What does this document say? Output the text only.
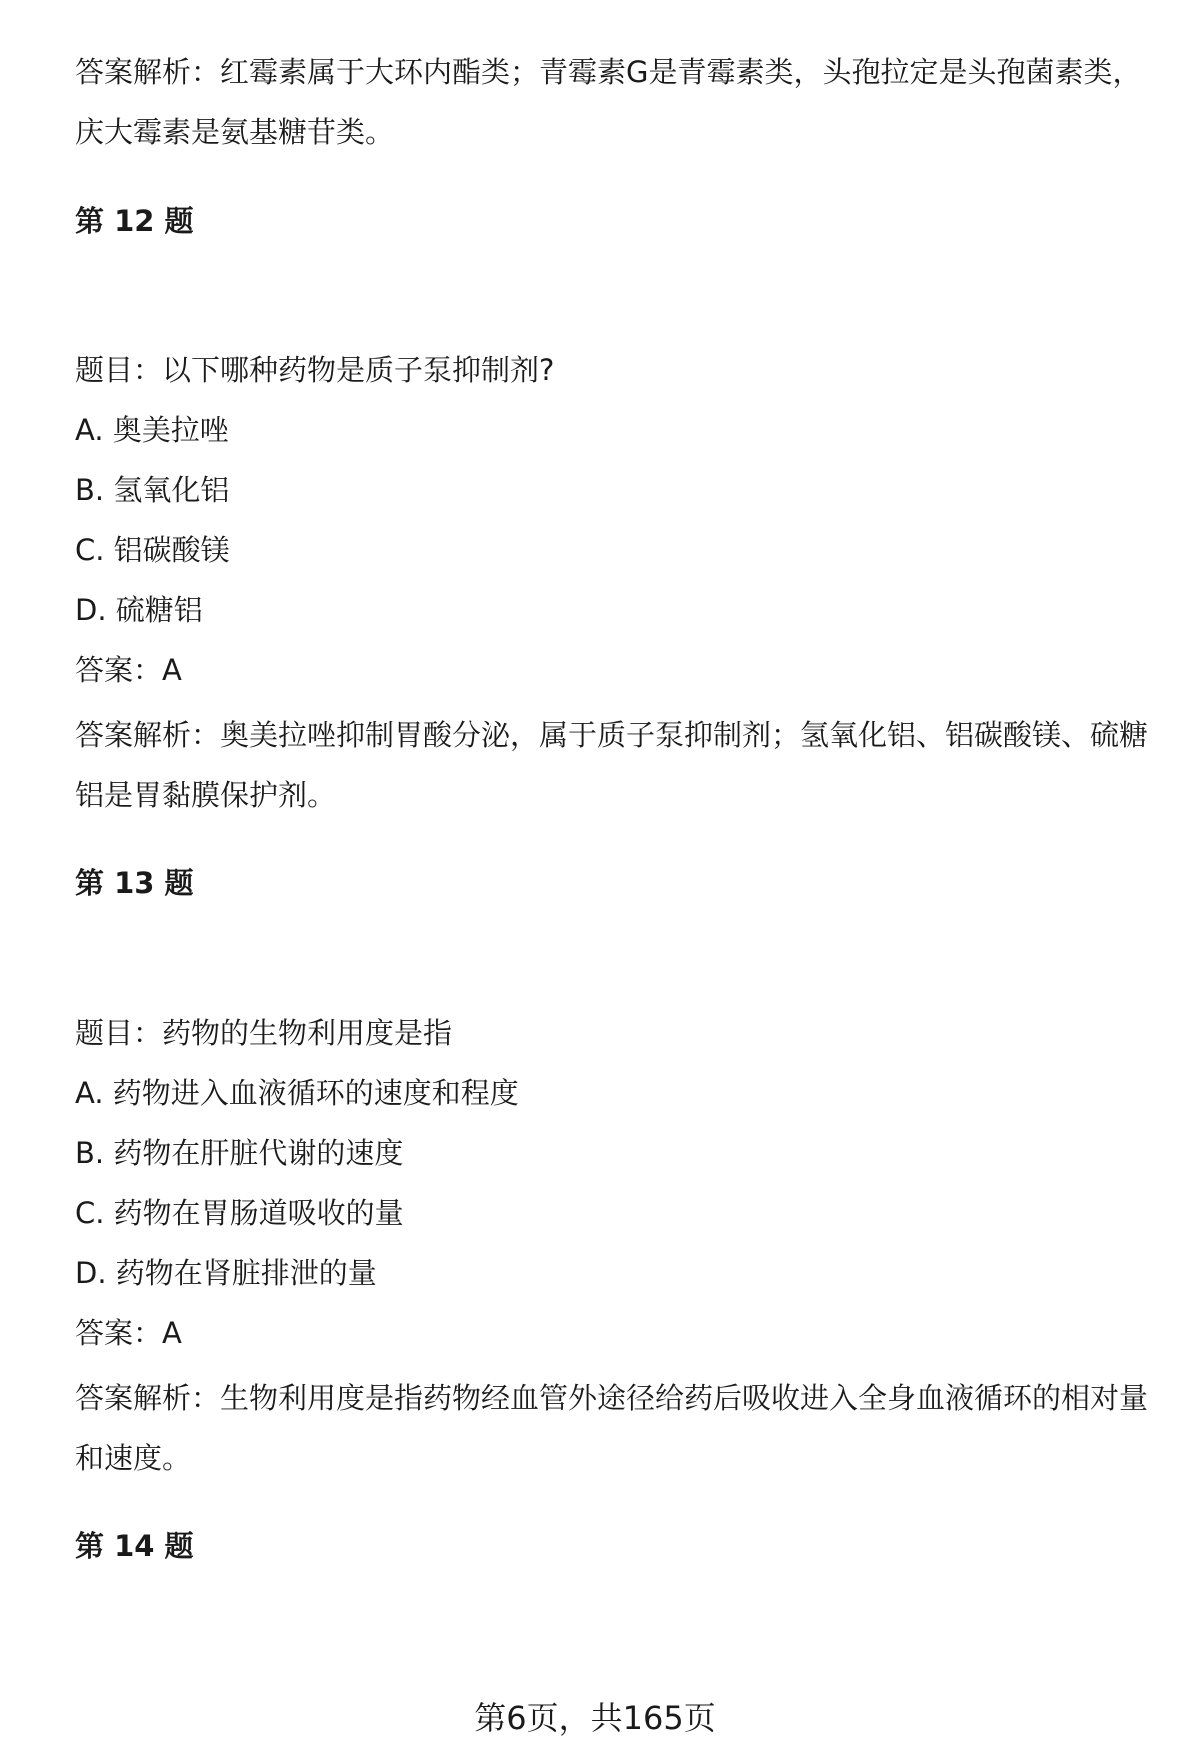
答案解析：红霉素属于大环内酯类；青霉素G是青霉素类，头孢拉定是头孢菌素类，庆大霉素是氨基糖苷类。

第 12 题

题目：以下哪种药物是质子泵抑制剂?

A. 奥美拉唑

B. 氢氧化铝

C. 铝碳酸镁

D. 硫糖铝

答案：A

答案解析：奥美拉唑抑制胃酸分泌，属于质子泵抑制剂；氢氧化铝、铝碳酸镁、硫糖铝是胃黏膜保护剂。

第 13 题

题目：药物的生物利用度是指

A. 药物进入血液循环的速度和程度

B. 药物在肝脏代谢的速度

C. 药物在胃肠道吸收的量

D. 药物在肾脏排泄的量

答案：A

答案解析：生物利用度是指药物经血管外途径给药后吸收进入全身血液循环的相对量和速度。

第 14 题

第6页，共165页
